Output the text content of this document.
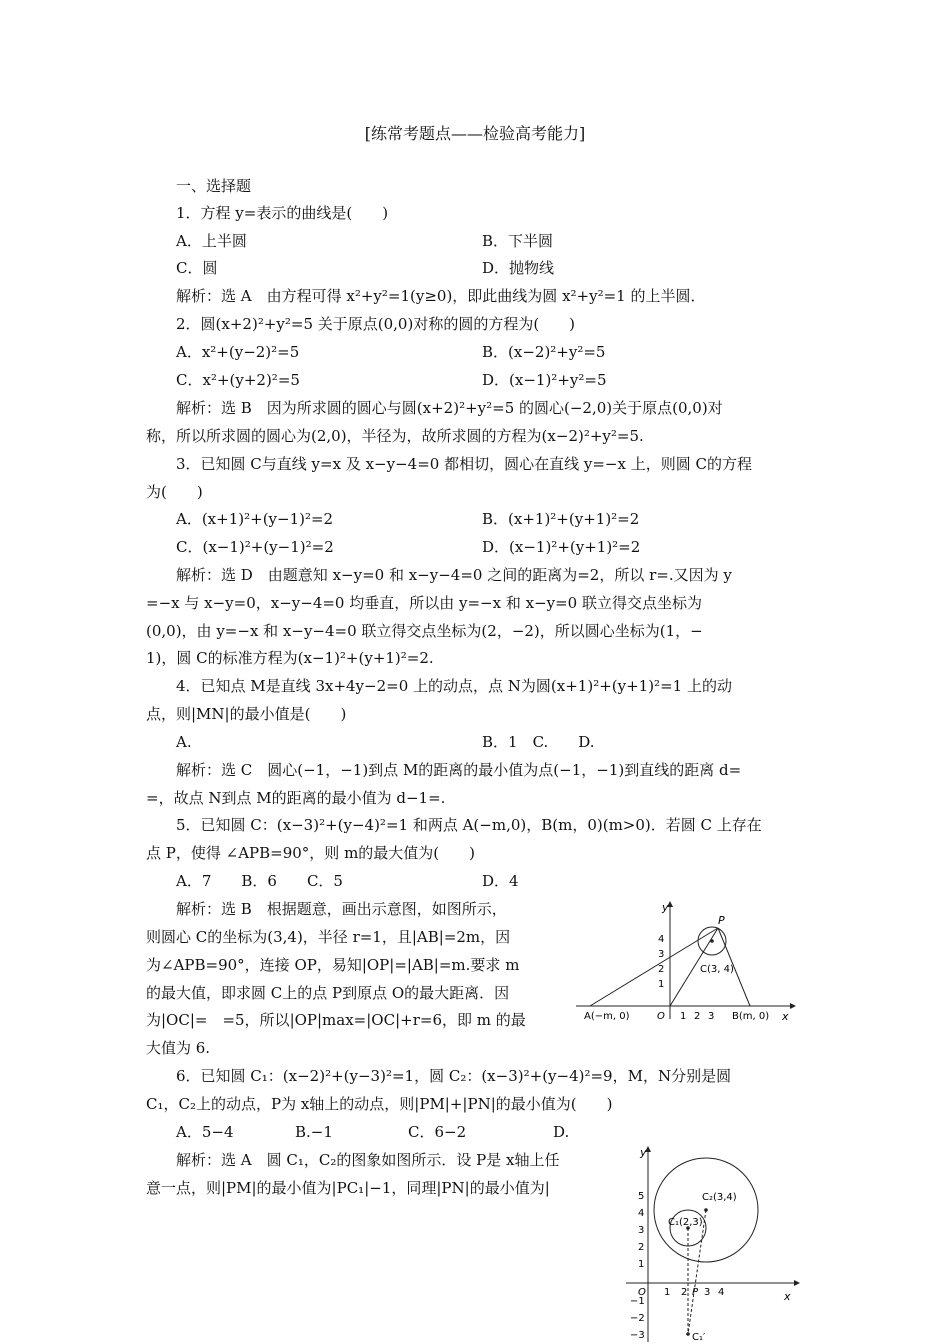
[练常考题点——检验高考能力]
一、选择题
1．方程 y=表示的曲线是(　　)
A．上半圆	B．下半圆
C．圆	D．抛物线
解析：选 A　由方程可得 x²+y²=1(y≥0)，即此曲线为圆 x²+y²=1 的上半圆．
2．圆(x+2)²+y²=5 关于原点(0,0)对称的圆的方程为(　　)
A．x²+(y−2)²=5	B．(x−2)²+y²=5
C．x²+(y+2)²=5	D．(x−1)²+y²=5
解析：选 B　因为所求圆的圆心与圆(x+2)²+y²=5 的圆心(−2,0)关于原点(0,0)对
称，所以所求圆的圆心为(2,0)，半径为，故所求圆的方程为(x−2)²+y²=5.
3．已知圆 C与直线 y=x 及 x−y−4=0 都相切，圆心在直线 y=−x 上，则圆 C的方程
为(　　)
A．(x+1)²+(y−1)²=2	B．(x+1)²+(y+1)²=2
C．(x−1)²+(y−1)²=2	D．(x−1)²+(y+1)²=2
解析：选 D　由题意知 x−y=0 和 x−y−4=0 之间的距离为=2，所以 r=.又因为 y
=−x 与 x−y=0，x−y−4=0 均垂直，所以由 y=−x 和 x−y=0 联立得交点坐标为
(0,0)，由 y=−x 和 x−y−4=0 联立得交点坐标为(2，−2)，所以圆心坐标为(1，−
1)，圆 C的标准方程为(x−1)²+(y+1)²=2.
4．已知点 M是直线 3x+4y−2=0 上的动点，点 N为圆(x+1)²+(y+1)²=1 上的动
点，则|MN|的最小值是(　　)
A.	B．1　C.　　D.
解析：选 C　圆心(−1，−1)到点 M的距离的最小值为点(−1，−1)到直线的距离 d=
=，故点 N到点 M的距离的最小值为 d−1=.
5．已知圆 C：(x−3)²+(y−4)²=1 和两点 A(−m,0)，B(m，0)(m>0)．若圆 C 上存在
点 P，使得 ∠APB=90°，则 m的最大值为(　　)
A．7　　B．6　　C．5	D．4
解析：选 B　根据题意，画出示意图，如图所示，
则圆心 C的坐标为(3,4)，半径 r=1，且|AB|=2m，因
为∠APB=90°，连接 OP，易知|OP|=|AB|=m.要求 m
的最大值，即求圆 C上的点 P到原点 O的最大距离．因
为|OC|=　=5，所以|OP|max=|OC|+r=6，即 m 的最
大值为 6.
y
x
4
3
2
1
1 2 3
O
P
C(3, 4)
A(−m, 0)	B(m, 0)
6．已知圆 C₁：(x−2)²+(y−3)²=1，圆 C₂：(x−3)²+(y−4)²=9，M，N分别是圆
C₁，C₂上的动点，P为 x轴上的动点，则|PM|+|PN|的最小值为(　　)
A．5−4	B.−1	C．6−2	D.
解析：选 A　圆 C₁，C₂的图象如图所示．设 P是 x轴上任
意一点，则|PM|的最小值为|PC₁|−1，同理|PN|的最小值为|
y
x
5
4
3
2
1
−1
−2
−3
O 1 2 3 4
P
C₂(3,4)
C₁(2,3)
C₁′
